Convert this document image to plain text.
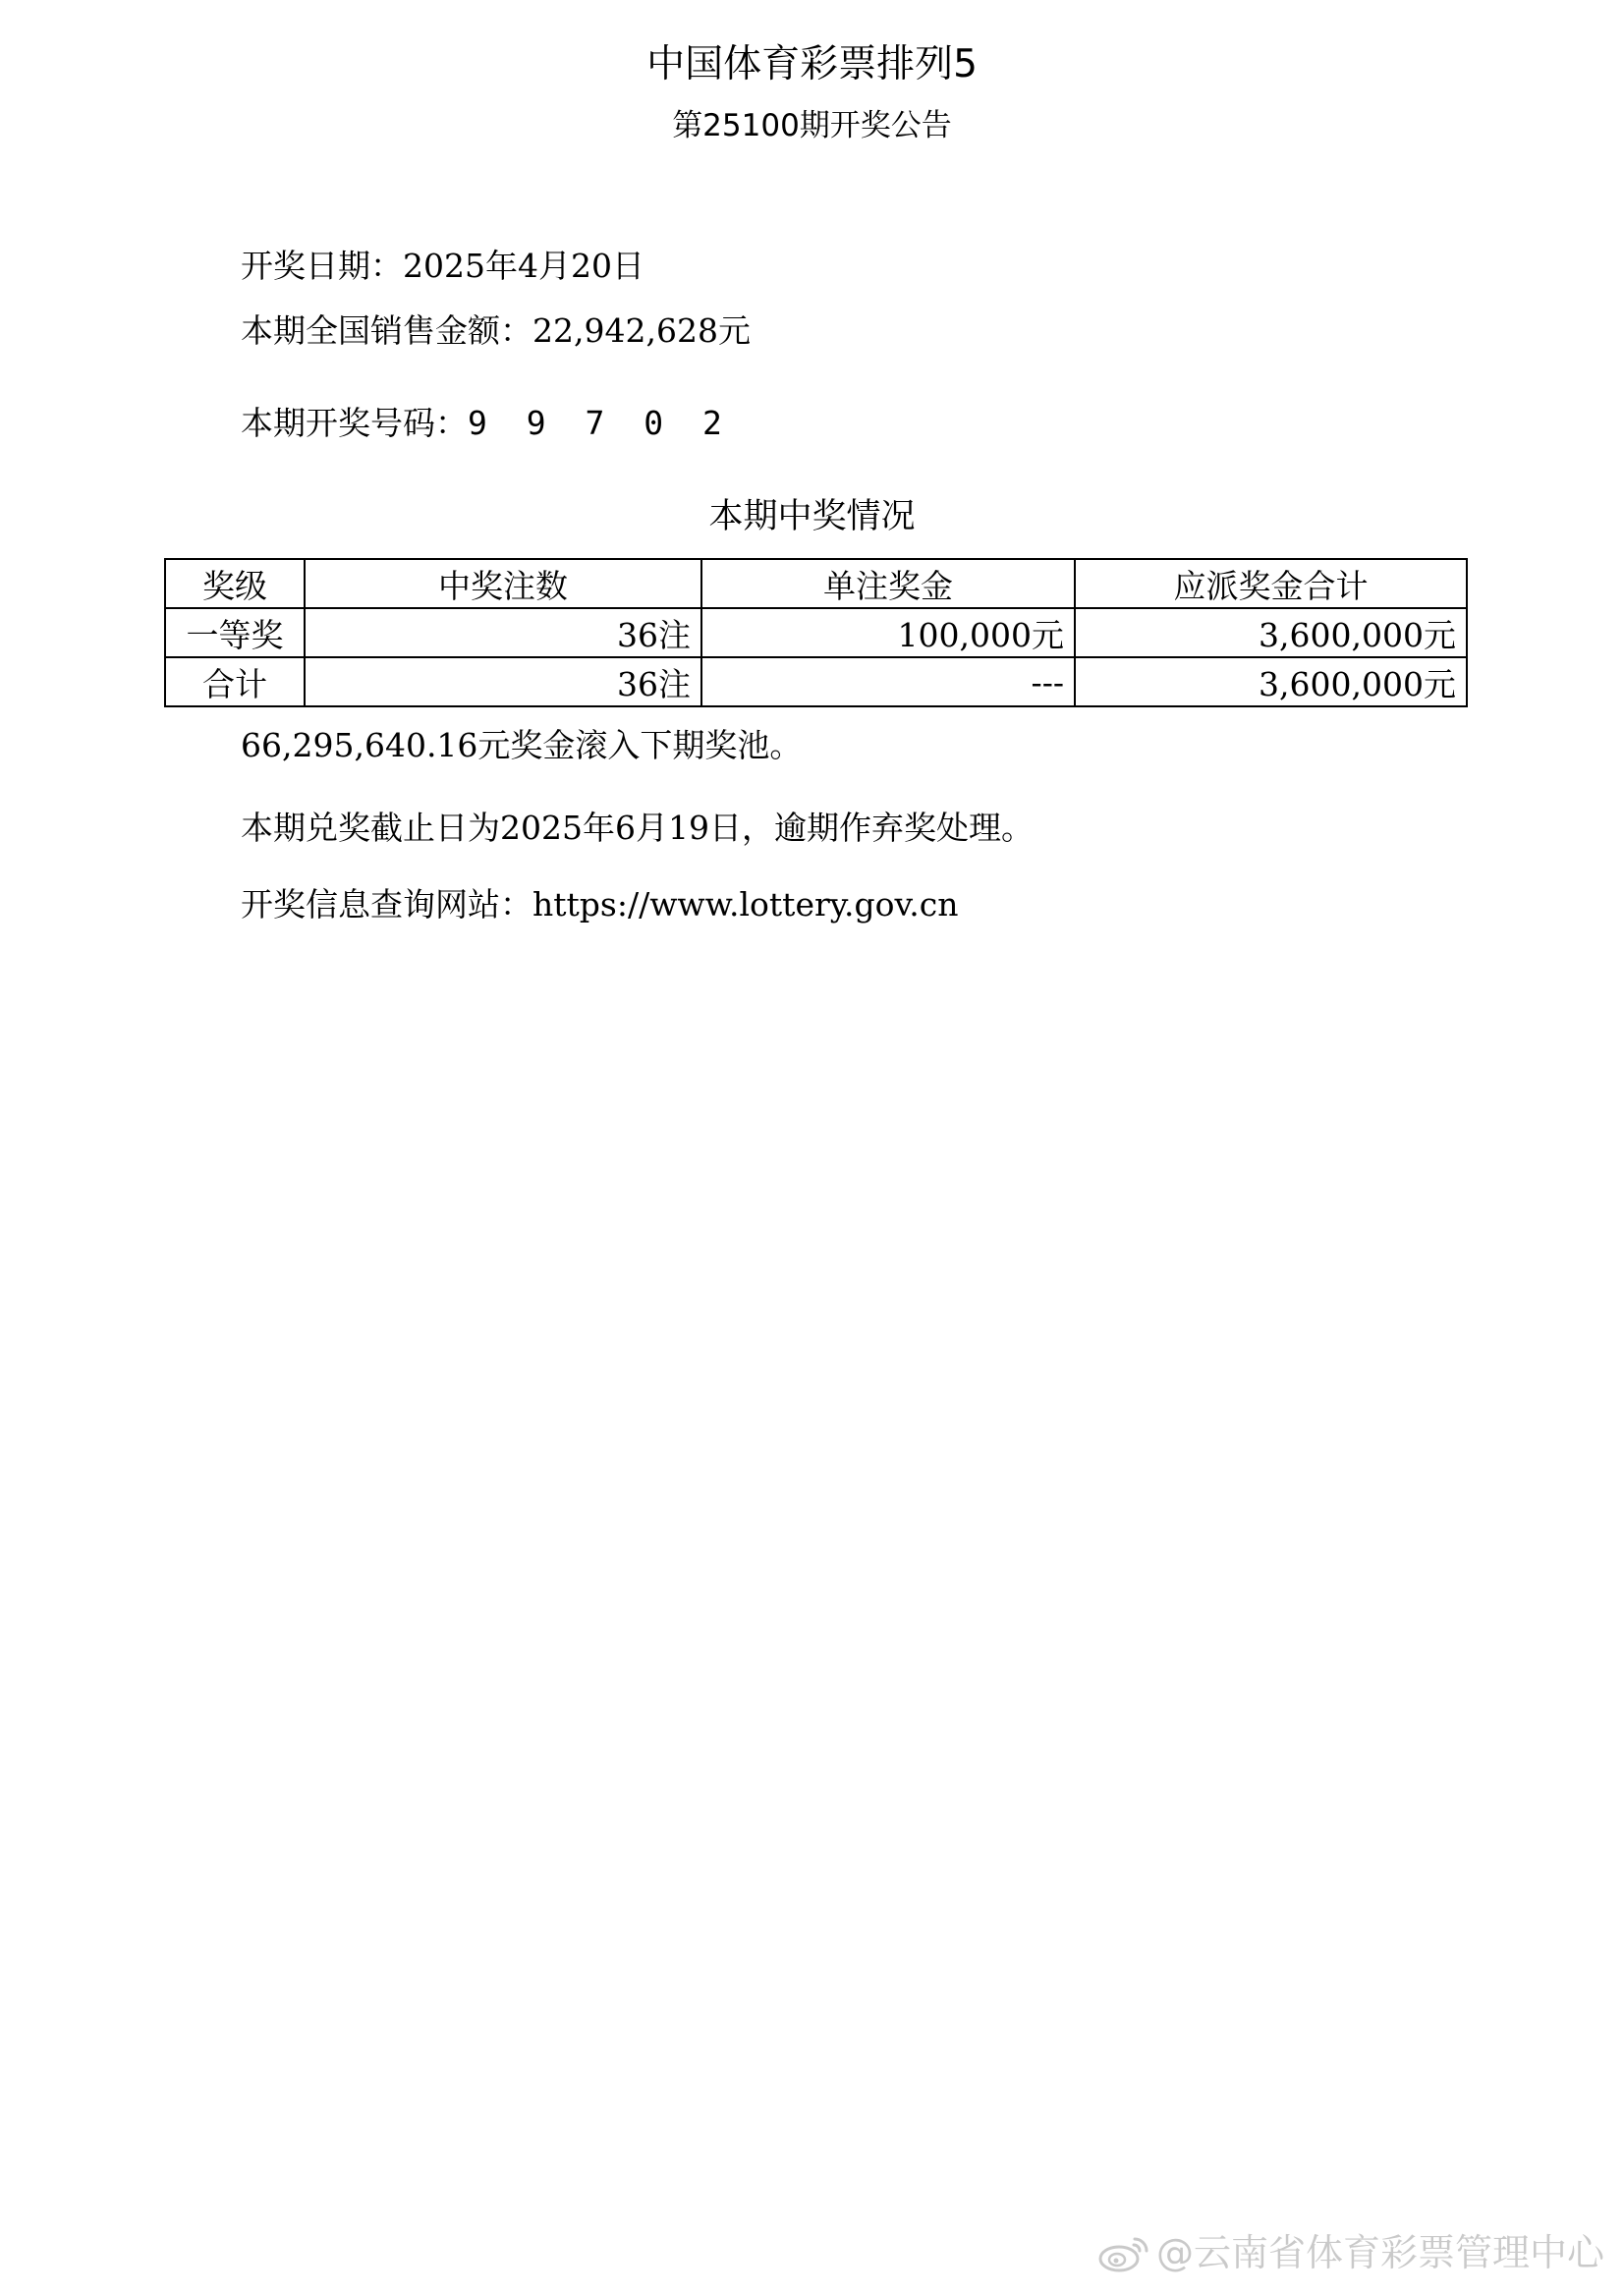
中国体育彩票排列5
第25100期开奖公告
开奖日期：2025年4月20日
本期全国销售金额：22,942,628元
本期开奖号码：9 9 7 0 2
本期中奖情况
奖级	中奖注数	单注奖金	应派奖金合计
一等奖	36注	100,000元	3,600,000元
合计	36注	---	3,600,000元
66,295,640.16元奖金滚入下期奖池。
本期兑奖截止日为2025年6月19日，逾期作弃奖处理。
开奖信息查询网站：https://www.lottery.gov.cn
@云南省体育彩票管理中心
